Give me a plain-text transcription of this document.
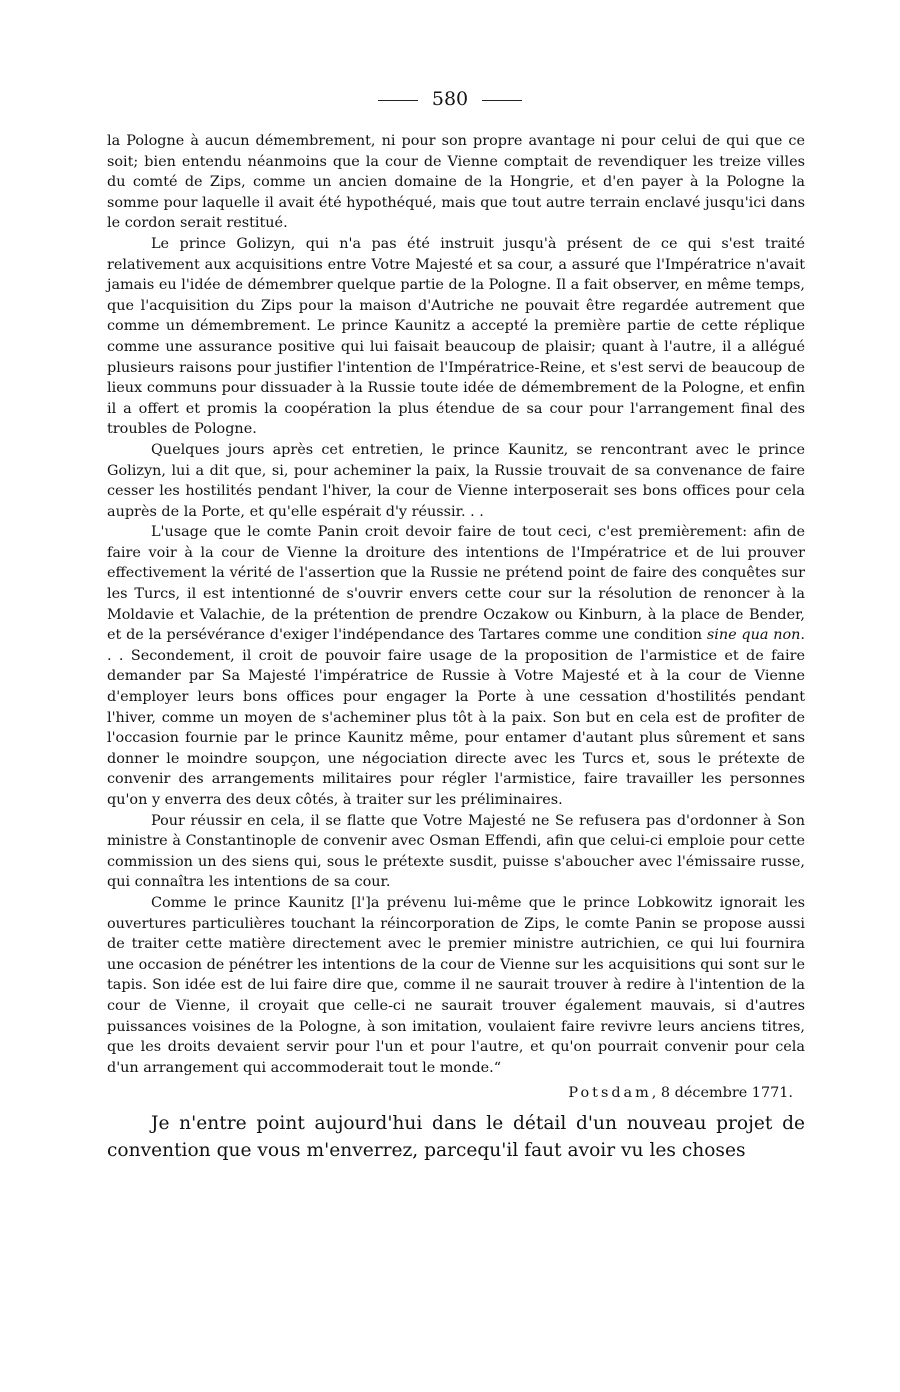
580

la Pologne à aucun démembrement, ni pour son propre avantage ni pour celui de qui que ce soit; bien entendu néanmoins que la cour de Vienne comptait de revendiquer les treize villes du comté de Zips, comme un ancien domaine de la Hongrie, et d'en payer à la Pologne la somme pour laquelle il avait été hypothéqué, mais que tout autre terrain enclavé jusqu'ici dans le cordon serait restitué.

Le prince Golizyn, qui n'a pas été instruit jusqu'à présent de ce qui s'est traité relativement aux acquisitions entre Votre Majesté et sa cour, a assuré que l'Impératrice n'avait jamais eu l'idée de démembrer quelque partie de la Pologne. Il a fait observer, en même temps, que l'acquisition du Zips pour la maison d'Autriche ne pouvait être regardée autrement que comme un démembrement. Le prince Kaunitz a accepté la première partie de cette réplique comme une assurance positive qui lui faisait beaucoup de plaisir; quant à l'autre, il a allégué plusieurs raisons pour justifier l'intention de l'Impératrice-Reine, et s'est servi de beaucoup de lieux communs pour dissuader à la Russie toute idée de démembrement de la Pologne, et enfin il a offert et promis la coopération la plus étendue de sa cour pour l'arrangement final des troubles de Pologne.

Quelques jours après cet entretien, le prince Kaunitz, se rencontrant avec le prince Golizyn, lui a dit que, si, pour acheminer la paix, la Russie trouvait de sa convenance de faire cesser les hostilités pendant l'hiver, la cour de Vienne interposerait ses bons offices pour cela auprès de la Porte, et qu'elle espérait d'y réussir. . .

L'usage que le comte Panin croit devoir faire de tout ceci, c'est premièrement: afin de faire voir à la cour de Vienne la droiture des intentions de l'Impératrice et de lui prouver effectivement la vérité de l'assertion que la Russie ne prétend point de faire des conquêtes sur les Turcs, il est intentionné de s'ouvrir envers cette cour sur la résolution de renoncer à la Moldavie et Valachie, de la prétention de prendre Oczakow ou Kinburn, à la place de Bender, et de la persévérance d'exiger l'indépendance des Tartares comme une condition sine qua non. . . Secondement, il croit de pouvoir faire usage de la proposition de l'armistice et de faire demander par Sa Majesté l'impératrice de Russie à Votre Majesté et à la cour de Vienne d'employer leurs bons offices pour engager la Porte à une cessation d'hostilités pendant l'hiver, comme un moyen de s'acheminer plus tôt à la paix. Son but en cela est de profiter de l'occasion fournie par le prince Kaunitz même, pour entamer d'autant plus sûrement et sans donner le moindre soupçon, une négociation directe avec les Turcs et, sous le prétexte de convenir des arrangements militaires pour régler l'armistice, faire travailler les personnes qu'on y enverra des deux côtés, à traiter sur les préliminaires.

Pour réussir en cela, il se flatte que Votre Majesté ne Se refusera pas d'ordonner à Son ministre à Constantinople de convenir avec Osman Effendi, afin que celui-ci emploie pour cette commission un des siens qui, sous le prétexte susdit, puisse s'aboucher avec l'émissaire russe, qui connaîtra les intentions de sa cour.

Comme le prince Kaunitz [l']a prévenu lui-même que le prince Lobkowitz ignorait les ouvertures particulières touchant la réincorporation de Zips, le comte Panin se propose aussi de traiter cette matière directement avec le premier ministre autrichien, ce qui lui fournira une occasion de pénétrer les intentions de la cour de Vienne sur les acquisitions qui sont sur le tapis. Son idée est de lui faire dire que, comme il ne saurait trouver à redire à l'intention de la cour de Vienne, il croyait que celle-ci ne saurait trouver également mauvais, si d'autres puissances voisines de la Pologne, à son imitation, voulaient faire revivre leurs anciens titres, que les droits devaient servir pour l'un et pour l'autre, et qu'on pourrait convenir pour cela d'un arrangement qui accommoderait tout le monde.“

Potsdam, 8 décembre 1771.

Je n'entre point aujourd'hui dans le détail d'un nouveau projet de convention que vous m'enverrez, parcequ'il faut avoir vu les choses
